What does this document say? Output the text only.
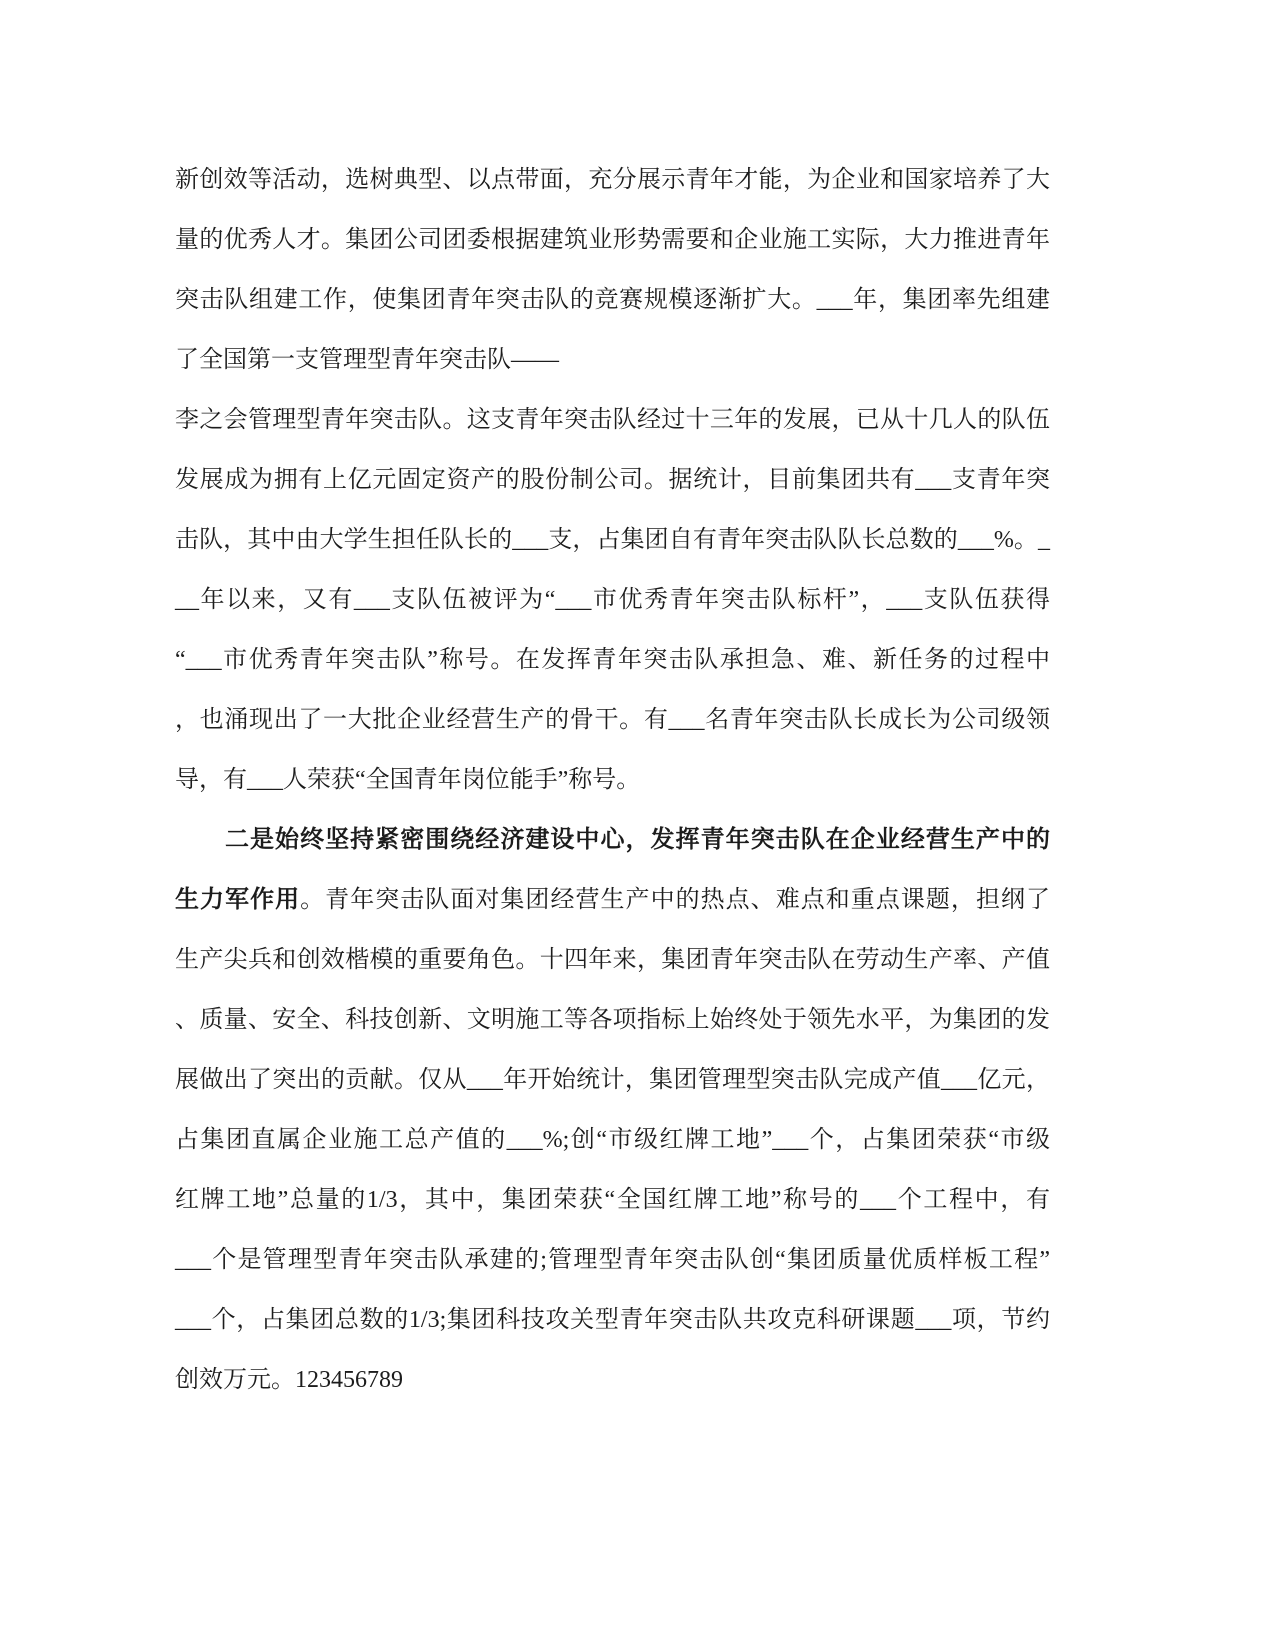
新创效等活动，选树典型、以点带面，充分展示青年才能，为企业和国家培养了大
量的优秀人才。集团公司团委根据建筑业形势需要和企业施工实际，大力推进青年
突击队组建工作，使集团青年突击队的竞赛规模逐渐扩大。___年，集团率先组建
了全国第一支管理型青年突击队——
李之会管理型青年突击队。这支青年突击队经过十三年的发展，已从十几人的队伍
发展成为拥有上亿元固定资产的股份制公司。据统计，目前集团共有___支青年突
击队，其中由大学生担任队长的___支，占集团自有青年突击队队长总数的___%。_
__年以来，又有___支队伍被评为“___市优秀青年突击队标杆”，___支队伍获得
“___市优秀青年突击队”称号。在发挥青年突击队承担急、难、新任务的过程中
，也涌现出了一大批企业经营生产的骨干。有___名青年突击队长成长为公司级领
导，有___人荣获“全国青年岗位能手”称号。
二是始终坚持紧密围绕经济建设中心，发挥青年突击队在企业经营生产中的
生力军作用。青年突击队面对集团经营生产中的热点、难点和重点课题，担纲了
生产尖兵和创效楷模的重要角色。十四年来，集团青年突击队在劳动生产率、产值
、质量、安全、科技创新、文明施工等各项指标上始终处于领先水平，为集团的发
展做出了突出的贡献。仅从___年开始统计，集团管理型突击队完成产值___亿元，
占集团直属企业施工总产值的___%;创“市级红牌工地”___个，占集团荣获“市级
红牌工地”总量的1/3，其中，集团荣获“全国红牌工地”称号的___个工程中，有
___个是管理型青年突击队承建的;管理型青年突击队创“集团质量优质样板工程”
___个，占集团总数的1/3;集团科技攻关型青年突击队共攻克科研课题___项，节约
创效万元。123456789
